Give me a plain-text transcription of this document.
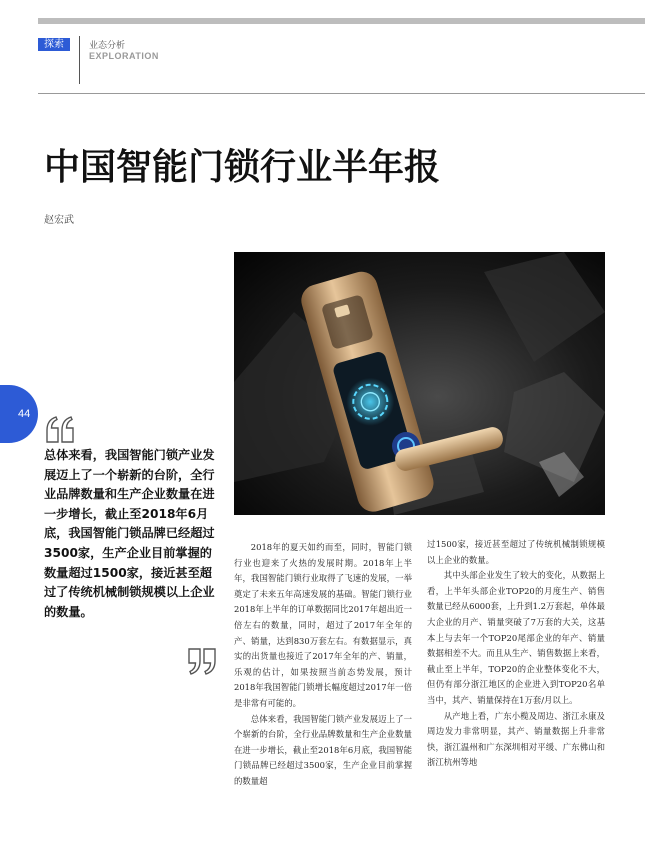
探索	业态分析
EXPLORATION
中国智能门锁行业半年报
赵宏武
44
总体来看，我国智能门锁产业发展迈上了一个崭新的台阶，全行业品牌数量和生产企业数量在进一步增长，截止至2018年6月底，我国智能门锁品牌已经超过3500家，生产企业目前掌握的数量超过1500家，接近甚至超过了传统机械制锁规模以上企业的数量。

2018年的夏天如约而至，同时，智能门锁行业也迎来了火热的发展时期。2018年上半年，我国智能门锁行业取得了飞速的发展，一举奠定了未来五年高速发展的基础。智能门锁行业2018年上半年的订单数据同比2017年超出近一倍左右的数量，同时，超过了2017年全年的产、销量，达到830万套左右。有数据显示，真实的出货量也接近了2017年全年的产、销量，乐观的估计，如果按照当前态势发展，预计2018年我国智能门锁增长幅度超过2017年一倍是非常有可能的。

总体来看，我国智能门锁产业发展迈上了一个崭新的台阶，全行业品牌数量和生产企业数量在进一步增长，截止至2018年6月底，我国智能门锁品牌已经超过3500家，生产企业目前掌握的数量超

过1500家，接近甚至超过了传统机械制锁规模以上企业的数量。

其中头部企业发生了较大的变化，从数据上看，上半年头部企业TOP20的月度生产、销售数量已经从6000套，上升到1.2万套起，单体最大企业的月产、销量突破了7万套的大关，这基本上与去年一个TOP20尾部企业的年产、销量数据相差不大。而且从生产、销售数据上来看，截止至上半年，TOP20的企业整体变化不大，但仍有部分浙江地区的企业进入到TOP20名单当中，其产、销量保持在1万套/月以上。

从产地上看，广东小榄及周边、浙江永康及周边发力非常明显，其产、销量数据上升非常快，浙江温州和广东深圳相对平缓、广东佛山和浙江杭州等地
